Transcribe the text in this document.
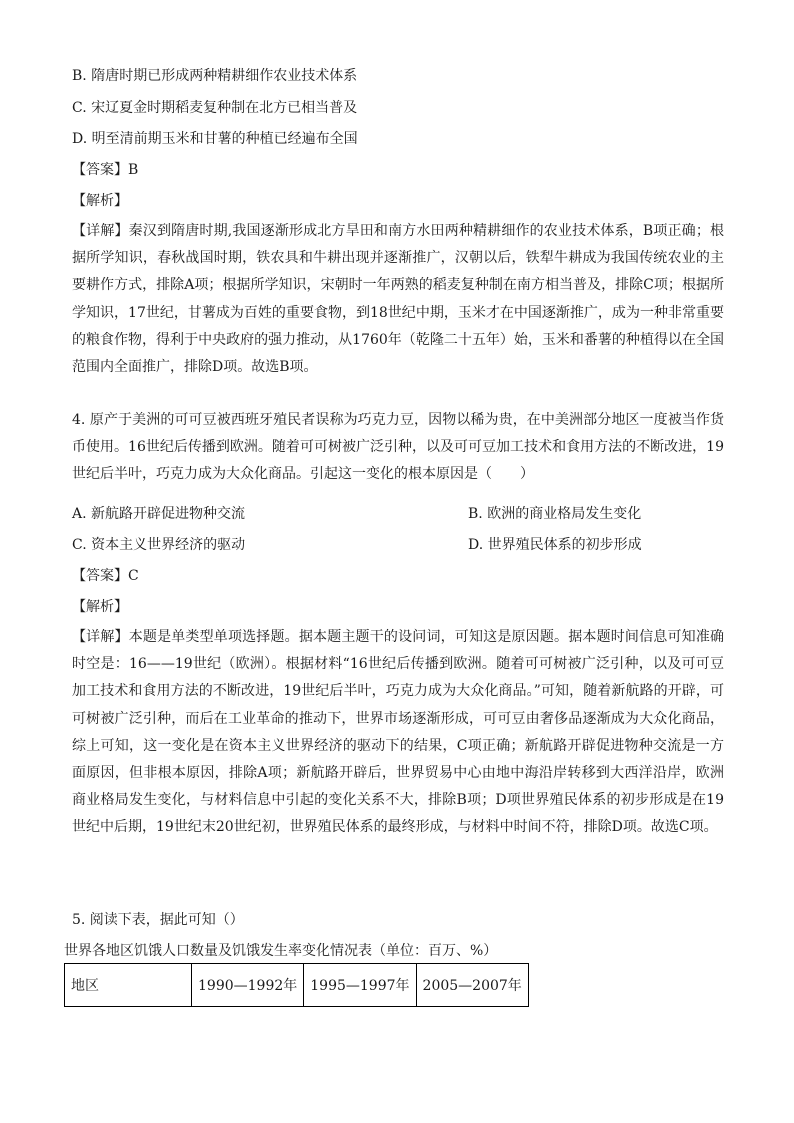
B. 隋唐时期已形成两种精耕细作农业技术体系
C. 宋辽夏金时期稻麦复种制在北方已相当普及
D. 明至清前期玉米和甘薯的种植已经遍布全国
【答案】B
【解析】
【详解】秦汉到隋唐时期,我国逐渐形成北方旱田和南方水田两种精耕细作的农业技术体系，B项正确；根据所学知识，春秋战国时期，铁农具和牛耕出现并逐渐推广，汉朝以后，铁犁牛耕成为我国传统农业的主要耕作方式，排除A项；根据所学知识，宋朝时一年两熟的稻麦复种制在南方相当普及，排除C项；根据所学知识，17世纪，甘薯成为百姓的重要食物，到18世纪中期，玉米才在中国逐渐推广，成为一种非常重要的粮食作物，得利于中央政府的强力推动，从1760年（乾隆二十五年）始，玉米和番薯的种植得以在全国范围内全面推广，排除D项。故选B项。
4. 原产于美洲的可可豆被西班牙殖民者误称为巧克力豆，因物以稀为贵，在中美洲部分地区一度被当作货币使用。16世纪后传播到欧洲。随着可可树被广泛引种，以及可可豆加工技术和食用方法的不断改进，19世纪后半叶，巧克力成为大众化商品。引起这一变化的根本原因是（　　）
A. 新航路开辟促进物种交流	B. 欧洲的商业格局发生变化
C. 资本主义世界经济的驱动	D. 世界殖民体系的初步形成
【答案】C
【解析】
【详解】本题是单类型单项选择题。据本题主题干的设问词，可知这是原因题。据本题时间信息可知准确时空是：16——19世纪（欧洲）。根据材料“16世纪后传播到欧洲。随着可可树被广泛引种，以及可可豆加工技术和食用方法的不断改进，19世纪后半叶，巧克力成为大众化商品。”可知，随着新航路的开辟，可可树被广泛引种，而后在工业革命的推动下，世界市场逐渐形成，可可豆由奢侈品逐渐成为大众化商品，综上可知，这一变化是在资本主义世界经济的驱动下的结果，C项正确；新航路开辟促进物种交流是一方面原因，但非根本原因，排除A项；新航路开辟后，世界贸易中心由地中海沿岸转移到大西洋沿岸，欧洲商业格局发生变化，与材料信息中引起的变化关系不大，排除B项；D项世界殖民体系的初步形成是在19世纪中后期，19世纪末20世纪初，世界殖民体系的最终形成，与材料中时间不符，排除D项。故选C项。
5. 阅读下表，据此可知（）
世界各地区饥饿人口数量及饥饿发生率变化情况表（单位：百万、%）
地区	1990—1992年	1995—1997年	2005—2007年
